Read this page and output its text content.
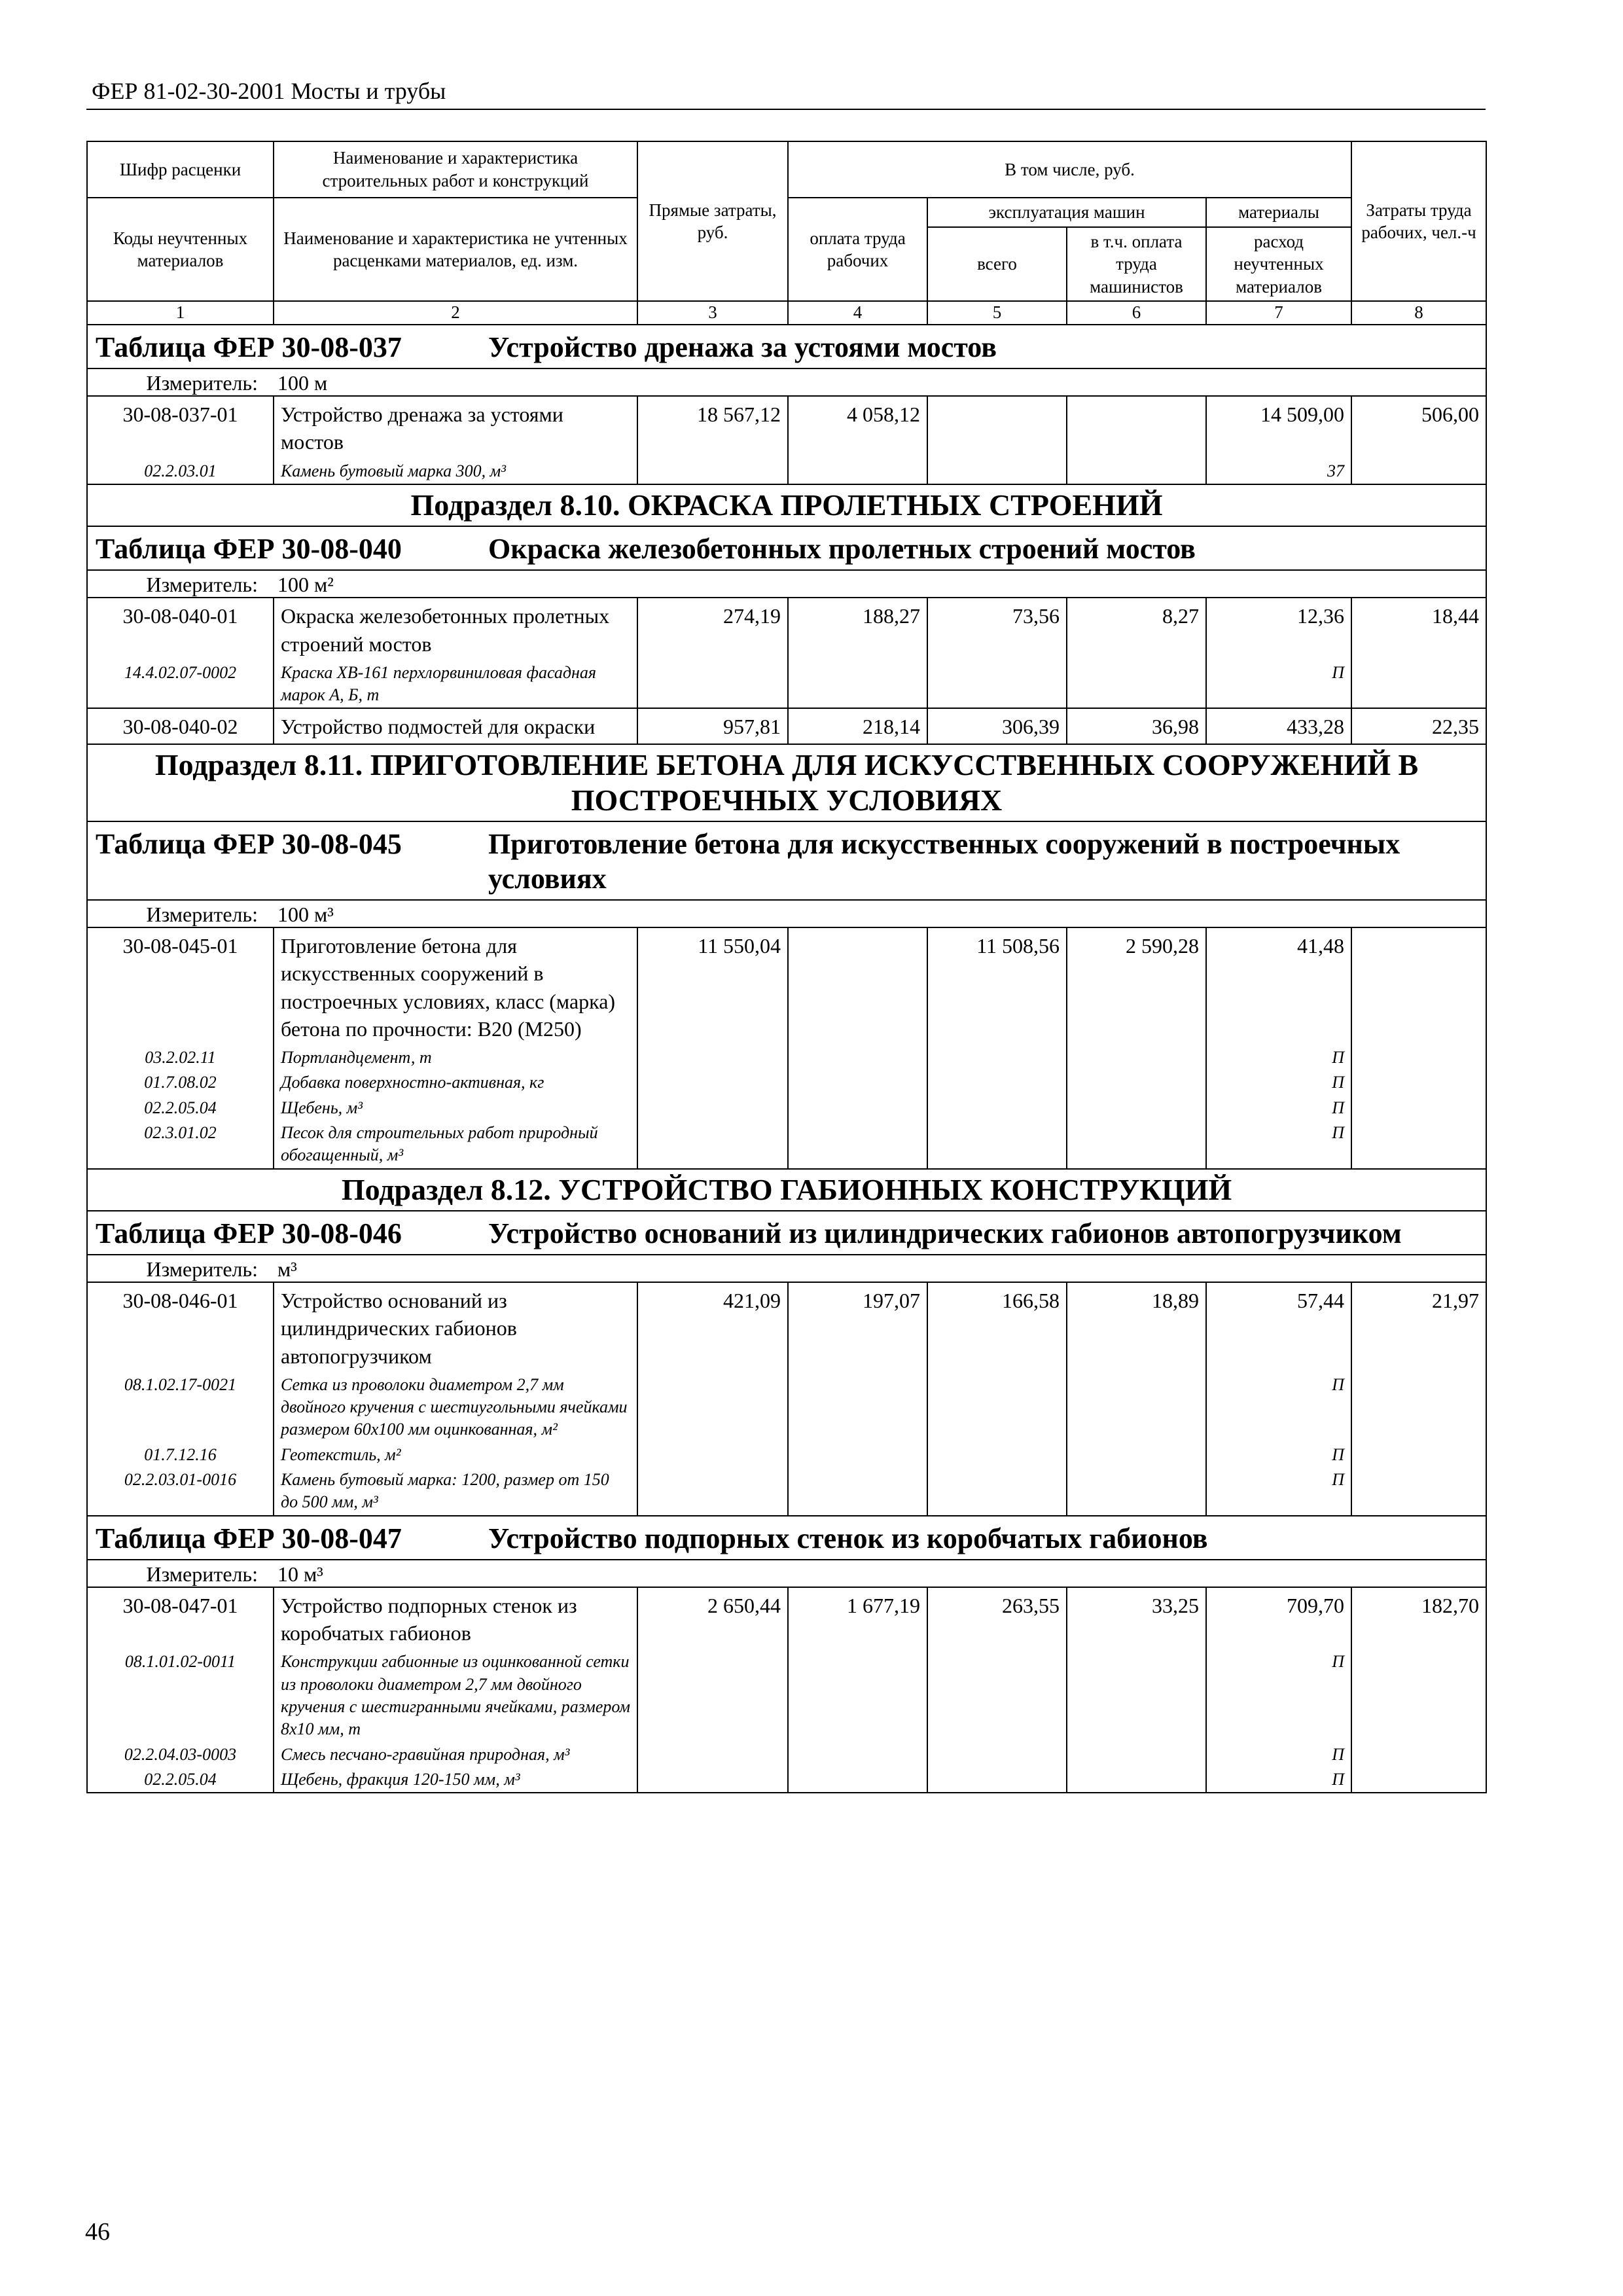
ФЕР 81-02-30-2001 Мосты и трубы
Шифр расценки	Наименование и характеристика строительных работ и конструкций	Прямые затраты, руб.	В том числе, руб.				Затраты труда рабочих, чел.-ч
Коды неучтенных материалов	Наименование и характеристика не учтенных расценками материалов, ед. изм.		оплата труда рабочих	эксплуатация машин		материалы	
				всего	в т.ч. оплата труда машинистов	расход неучтенных материалов	
1	2	3	4	5	6	7	8
Таблица ФЕР 30-08-037 Устройство дренажа за устоями мостов							
Измеритель: 100 м							
30-08-037-01	Устройство дренажа за устоями мостов	18 567,12	4 058,12			14 509,00	506,00
02.2.03.01	Камень бутовый марка 300, м³					37	
Подраздел 8.10. ОКРАСКА ПРОЛЕТНЫХ СТРОЕНИЙ							
Таблица ФЕР 30-08-040 Окраска железобетонных пролетных строений мостов							
Измеритель: 100 м²							
30-08-040-01	Окраска железобетонных пролетных строений мостов	274,19	188,27	73,56	8,27	12,36	18,44
14.4.02.07-0002	Краска ХВ-161 перхлорвиниловая фасадная марок А, Б, т					П	
30-08-040-02	Устройство подмостей для окраски	957,81	218,14	306,39	36,98	433,28	22,35
Подраздел 8.11. ПРИГОТОВЛЕНИЕ БЕТОНА ДЛЯ ИСКУССТВЕННЫХ СООРУЖЕНИЙ В ПОСТРОЕЧНЫХ УСЛОВИЯХ							
Таблица ФЕР 30-08-045 Приготовление бетона для искусственных сооружений в построечных условиях							
Измеритель: 100 м³							
30-08-045-01	Приготовление бетона для искусственных сооружений в построечных условиях, класс (марка) бетона по прочности: В20 (М250)	11 550,04		11 508,56	2 590,28	41,48	
03.2.02.11	Портландцемент, т					П	
01.7.08.02	Добавка поверхностно-активная, кг					П	
02.2.05.04	Щебень, м³					П	
02.3.01.02	Песок для строительных работ природный обогащенный, м³					П	
Подраздел 8.12. УСТРОЙСТВО ГАБИОННЫХ КОНСТРУКЦИЙ							
Таблица ФЕР 30-08-046 Устройство оснований из цилиндрических габионов автопогрузчиком							
Измеритель: м³							
30-08-046-01	Устройство оснований из цилиндрических габионов автопогрузчиком	421,09	197,07	166,58	18,89	57,44	21,97
08.1.02.17-0021	Сетка из проволоки диаметром 2,7 мм двойного кручения с шестиугольными ячейками размером 60х100 мм оцинкованная, м²					П	
01.7.12.16	Геотекстиль, м²					П	
02.2.03.01-0016	Камень бутовый марка: 1200, размер от 150 до 500 мм, м³					П	
Таблица ФЕР 30-08-047 Устройство подпорных стенок из коробчатых габионов							
Измеритель: 10 м³							
30-08-047-01	Устройство подпорных стенок из коробчатых габионов	2 650,44	1 677,19	263,55	33,25	709,70	182,70
08.1.01.02-0011	Конструкции габионные из оцинкованной сетки из проволоки диаметром 2,7 мм двойного кручения с шестигранными ячейками, размером 8х10 мм, т					П	
02.2.04.03-0003	Смесь песчано-гравийная природная, м³					П	
02.2.05.04	Щебень, фракция 120-150 мм, м³					П	
46
